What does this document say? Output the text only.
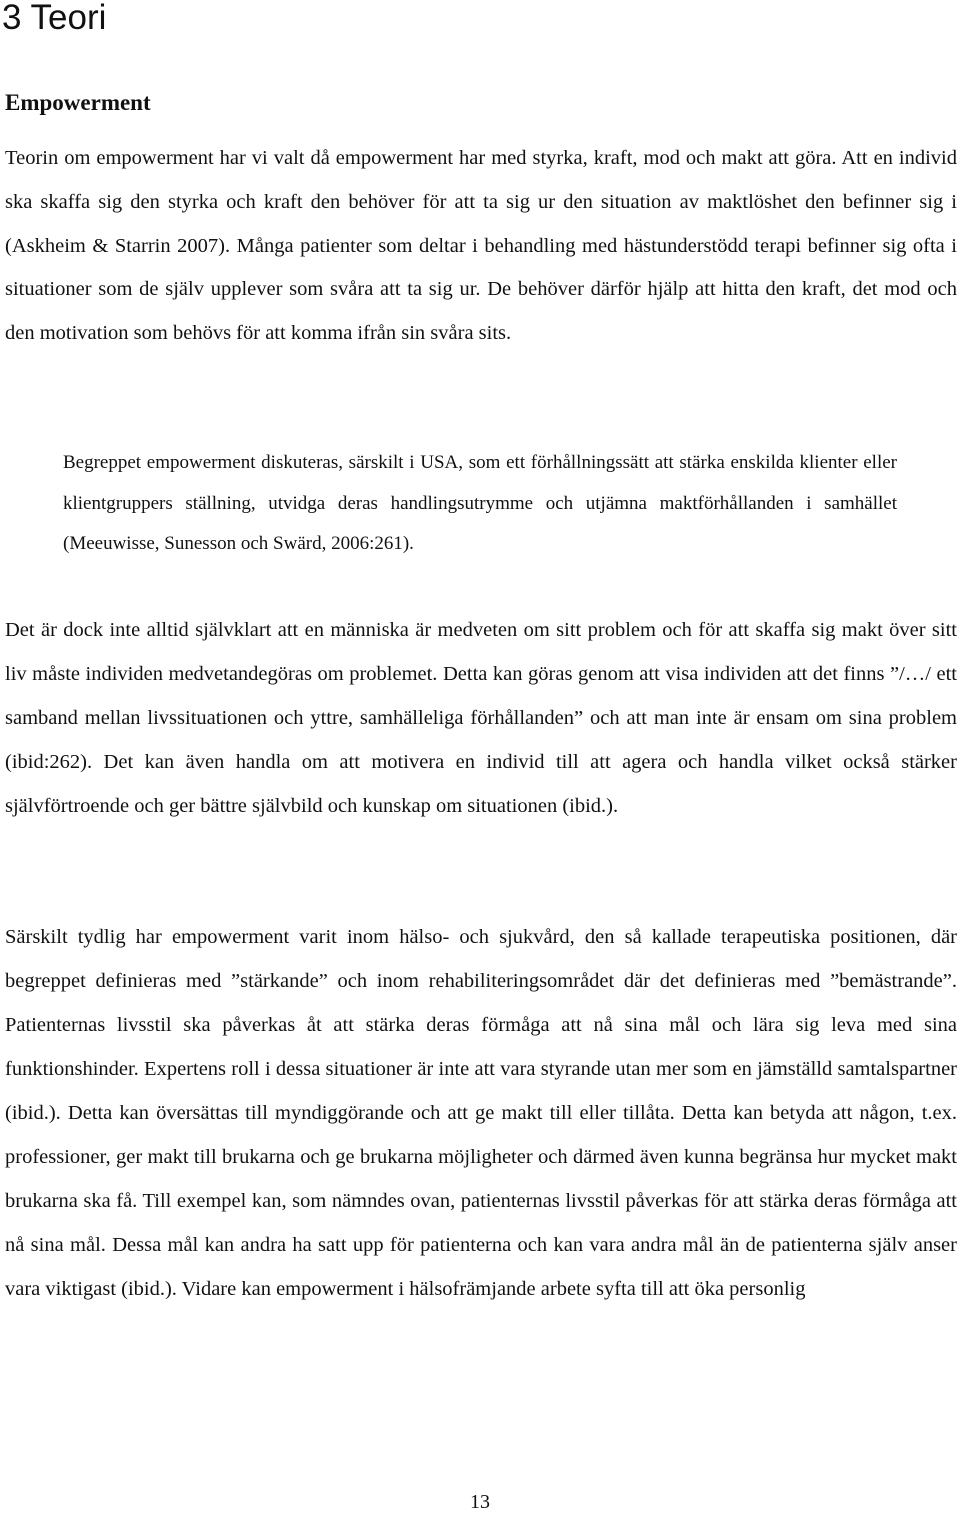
3 Teori
Empowerment

Teorin om empowerment har vi valt då empowerment har med styrka, kraft, mod och makt att göra. Att en individ ska skaffa sig den styrka och kraft den behöver för att ta sig ur den situation av maktlöshet den befinner sig i (Askheim & Starrin 2007). Många patienter som deltar i behandling med hästunderstödd terapi befinner sig ofta i situationer som de själv upplever som svåra att ta sig ur. De behöver därför hjälp att hitta den kraft, det mod och den motivation som behövs för att komma ifrån sin svåra sits.

Begreppet empowerment diskuteras, särskilt i USA, som ett förhållningssätt att stärka enskilda klienter eller klientgruppers ställning, utvidga deras handlingsutrymme och utjämna maktförhållanden i samhället (Meeuwisse, Sunesson och Swärd, 2006:261).

Det är dock inte alltid självklart att en människa är medveten om sitt problem och för att skaffa sig makt över sitt liv måste individen medvetandegöras om problemet. Detta kan göras genom att visa individen att det finns ”/…/ ett samband mellan livssituationen och yttre, samhälleliga förhållanden” och att man inte är ensam om sina problem (ibid:262). Det kan även handla om att motivera en individ till att agera och handla vilket också stärker självförtroende och ger bättre självbild och kunskap om situationen (ibid.).

Särskilt tydlig har empowerment varit inom hälso- och sjukvård, den så kallade terapeutiska positionen, där begreppet definieras med ”stärkande” och inom rehabiliteringsområdet där det definieras med ”bemästrande”. Patienternas livsstil ska påverkas åt att stärka deras förmåga att nå sina mål och lära sig leva med sina funktionshinder. Expertens roll i dessa situationer är inte att vara styrande utan mer som en jämställd samtalspartner (ibid.). Detta kan översättas till myndiggörande och att ge makt till eller tillåta. Detta kan betyda att någon, t.ex. professioner, ger makt till brukarna och ge brukarna möjligheter och därmed även kunna begränsa hur mycket makt brukarna ska få. Till exempel kan, som nämndes ovan, patienternas livsstil påverkas för att stärka deras förmåga att nå sina mål. Dessa mål kan andra ha satt upp för patienterna och kan vara andra mål än de patienterna själv anser vara viktigast (ibid.). Vidare kan empowerment i hälsofrämjande arbete syfta till att öka personlig

13
